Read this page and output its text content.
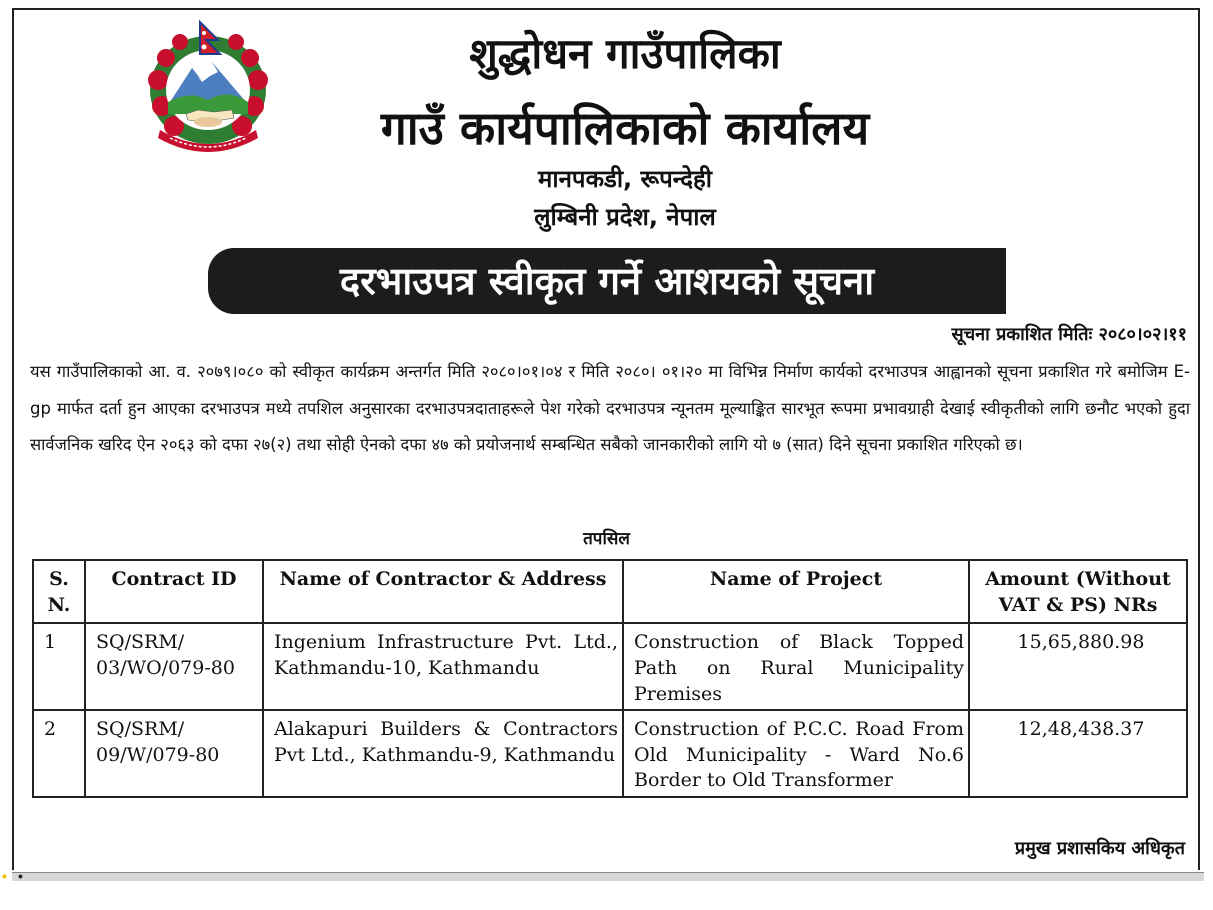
शुद्धोधन गाउँपालिका
गाउँ कार्यपालिकाको कार्यालय
मानपकडी, रूपन्देही
लुम्बिनी प्रदेश, नेपाल
दरभाउपत्र स्वीकृत गर्ने आशयको सूचना
सूचना प्रकाशित मितिः २०८०।०२।११

यस गाउँपालिकाको आ. व. २०७९।०८० को स्वीकृत कार्यक्रम अन्तर्गत मिति २०८०।०१।०४ र मिति २०८०। ०१।२० मा विभिन्न निर्माण कार्यको दरभाउपत्र आह्वानको सूचना प्रकाशित गरे बमोजिम E-gp मार्फत दर्ता हुन आएका दरभाउपत्र मध्ये तपशिल अनुसारका दरभाउपत्रदाताहरूले पेश गरेको दरभाउपत्र न्यूनतम मूल्याङ्कित सारभूत रूपमा प्रभावग्राही देखाई स्वीकृतीको लागि छनौट भएको हुदा सार्वजनिक खरिद ऐन २०६३ को दफा २७(२) तथा सोही ऐनको दफा ४७ को प्रयोजनार्थ सम्बन्धित सबैको जानकारीको लागि यो ७ (सात) दिने सूचना प्रकाशित गरिएको छ।

तपसिल
S. N.	Contract ID	Name of Contractor & Address	Name of Project	Amount (Without VAT & PS) NRs
1	SQ/SRM/ 03/WO/079-80	Ingenium Infrastructure Pvt. Ltd., Kathmandu-10, Kathmandu	Construction of Black Topped Path on Rural Municipality Premises	15,65,880.98
2	SQ/SRM/ 09/W/079-80	Alakapuri Builders & Contractors Pvt Ltd., Kathmandu-9, Kathmandu	Construction of P.C.C. Road From Old Municipality - Ward No.6 Border to Old Transformer	12,48,438.37
प्रमुख प्रशासकिय अधिकृत
• •
